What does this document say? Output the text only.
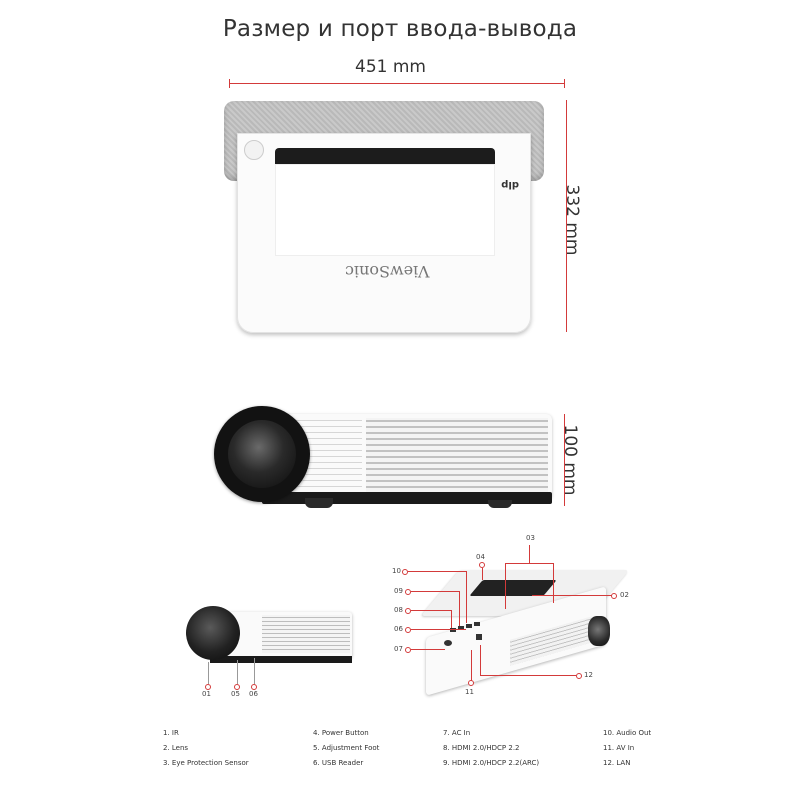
Размер и порт ввода-вывода
451 mm
332 mm
ViewSonic
dlp
100 mm
01	05 06
10
09
08
06
07
04
03
02
11
12
1. IR
2. Lens
3. Eye Protection Sensor
4. Power Button
5. Adjustment Foot
6. USB Reader
7. AC In
8. HDMI 2.0/HDCP 2.2
9. HDMI 2.0/HDCP 2.2(ARC)
10. Audio Out
11. AV In
12. LAN
